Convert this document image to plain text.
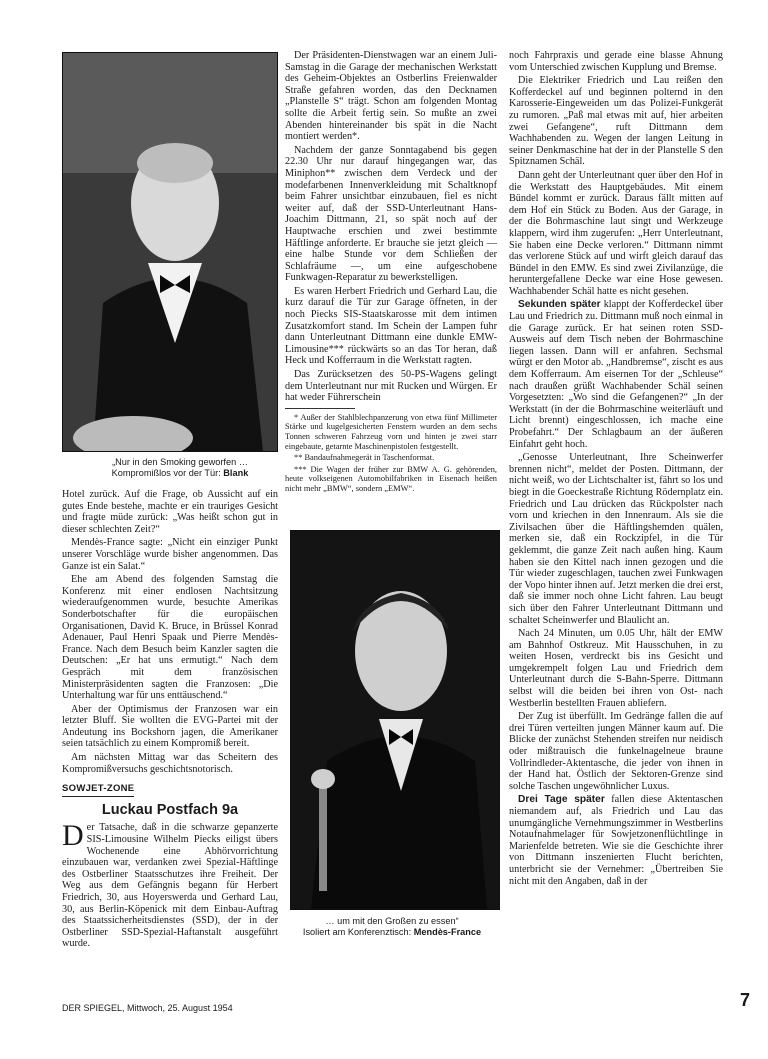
„Nur in den Smoking geworfen …
Kompromißlos vor der Tür: Blank

Hotel zurück. Auf die Frage, ob Aussicht auf ein gutes Ende bestehe, machte er ein trauriges Gesicht und fragte müde zurück: „Was heißt schon gut in dieser schlechten Zeit?“

Mendès-France sagte: „Nicht ein einziger Punkt unserer Vorschläge wurde bisher angenommen. Das Ganze ist ein Salat.“

Ehe am Abend des folgenden Samstag die Konferenz mit einer endlosen Nachtsitzung wiederaufgenommen wurde, besuchte Amerikas Sonderbotschafter für die europäischen Organisationen, David K. Bruce, in Brüssel Konrad Adenauer, Paul Henri Spaak und Pierre Mendès-France. Nach dem Besuch beim Kanzler sagten die Deutschen: „Er hat uns ermutigt.“ Nach dem Gespräch mit dem französischen Ministerpräsidenten sagten die Franzosen: „Die Unterhaltung war für uns enttäuschend.“

Aber der Optimismus der Franzosen war ein letzter Bluff. Sie wollten die EVG-Partei mit der Andeutung ins Bockshorn jagen, die Amerikaner seien tatsächlich zu einem Kompromiß bereit.

Am nächsten Mittag war das Scheitern des Kompromißversuchs geschichtsnotorisch.

SOWJET-ZONE
Luckau Postfach 9a

Der Tatsache, daß in die schwarze gepanzerte SIS-Limousine Wilhelm Piecks eiligst übers Wochenende eine Abhörvorrichtung einzubauen war, verdanken zwei Spezial-Häftlinge des Ostberliner Staatsschutzes ihre Freiheit. Der Weg aus dem Gefängnis begann für Herbert Friedrich, 30, aus Hoyerswerda und Gerhard Lau, 30, aus Berlin-Köpenick mit dem Einbau-Auftrag des Staatssicherheitsdienstes (SSD), der in der Ostberliner SSD-Spezial-Haftanstalt ausgeführt wurde.

Der Präsidenten-Dienstwagen war an einem Juli-Samstag in die Garage der mechanischen Werkstatt des Geheim-Objektes an Ostberlins Freienwalder Straße gefahren worden, das den Decknamen „Planstelle S“ trägt. Schon am folgenden Montag sollte die Arbeit fertig sein. So mußte an zwei Abenden hintereinander bis spät in die Nacht montiert werden*.

Nachdem der ganze Sonntagabend bis gegen 22.30 Uhr nur darauf hingegangen war, das Miniphon** zwischen dem Verdeck und der modefarbenen Innenverkleidung mit Schaltknopf beim Fahrer unsichtbar einzubauen, fiel es nicht weiter auf, daß der SSD-Unterleutnant Hans-Joachim Dittmann, 21, so spät noch auf der Hauptwache erschien und zwei bestimmte Häftlinge anforderte. Er brauche sie jetzt gleich — eine halbe Stunde vor dem Schließen der Schlafräume —, um eine aufgeschobene Funkwagen-Reparatur zu bewerkstelligen.

Es waren Herbert Friedrich und Gerhard Lau, die kurz darauf die Tür zur Garage öffneten, in der noch Piecks SIS-Staatskarosse mit dem intimen Zusatzkomfort stand. Im Schein der Lampen fuhr dann Unterleutnant Dittmann eine dunkle EMW-Limousine*** rückwärts so an das Tor heran, daß Heck und Kofferraum in die Werkstatt ragten.

Das Zurücksetzen des 50-PS-Wagens gelingt dem Unterleutnant nur mit Rucken und Würgen. Er hat weder Führerschein

* Außer der Stahlblechpanzerung von etwa fünf Millimeter Stärke und kugelgesicherten Fenstern wurden an dem sechs Tonnen schweren Fahrzeug vorn und hinten je zwei starr eingebaute, getarnte Maschinenpistolen festgestellt.

** Bandaufnahmegerät in Taschenformat.

*** Die Wagen der früher zur BMW A. G. gehörenden, heute volkseigenen Automobilfabriken in Eisenach heißen nicht mehr „BMW“, sondern „EMW“.

… um mit den Großen zu essen“
Isoliert am Konferenztisch: Mendès-France

noch Fahrpraxis und gerade eine blasse Ahnung vom Unterschied zwischen Kupplung und Bremse.

Die Elektriker Friedrich und Lau reißen den Kofferdeckel auf und beginnen polternd in den Karosserie-Eingeweiden um das Polizei-Funkgerät zu rumoren. „Paß mal etwas mit auf, hier arbeiten zwei Gefangene“, ruft Dittmann dem Wachhabenden zu. Wegen der langen Leitung in seiner Denkmaschine hat der in der Planstelle S den Spitznamen Schäl.

Dann geht der Unterleutnant quer über den Hof in die Werkstatt des Hauptgebäudes. Mit einem Bündel kommt er zurück. Daraus fällt mitten auf dem Hof ein Stück zu Boden. Aus der Garage, in der die Bohrmaschine laut singt und Werkzeuge klappern, wird ihm zugerufen: „Herr Unterleutnant, Sie haben eine Decke verloren.“ Dittmann nimmt das verlorene Stück auf und wirft gleich darauf das Bündel in den EMW. Es sind zwei Zivilanzüge, die heruntergefallene Decke war eine Hose gewesen. Wachhabender Schäl hatte es nicht gesehen.

Sekunden später klappt der Kofferdeckel über Lau und Friedrich zu. Dittmann muß noch einmal in die Garage zurück. Er hat seinen roten SSD-Ausweis auf dem Tisch neben der Bohrmaschine liegen lassen. Dann will er anfahren. Sechsmal würgt er den Motor ab. „Handbremse“, zischt es aus dem Kofferraum. Am eisernen Tor der „Schleuse“ nach draußen grüßt Wachhabender Schäl seinen Vorgesetzten: „Wo sind die Gefangenen?“ „In der Werkstatt (in der die Bohrmaschine weiterläuft und Licht brennt) eingeschlossen, ich mache eine Probefahrt.“ Der Schlagbaum an der äußeren Einfahrt geht hoch.

„Genosse Unterleutnant, Ihre Scheinwerfer brennen nicht“, meldet der Posten. Dittmann, der nicht weiß, wo der Lichtschalter ist, fährt so los und biegt in die Goeckestraße Richtung Rödernplatz ein. Friedrich und Lau drücken das Rückpolster nach vorn und kriechen in den Innenraum. Als sie die Zivilsachen über die Häftlingshemden quälen, merken sie, daß ein Rockzipfel, in die Tür geklemmt, die ganze Zeit nach außen hing. Kaum haben sie den Kittel nach innen gezogen und die Tür wieder zugeschlagen, tauchen zwei Funkwagen der Vopo hinter ihnen auf. Jetzt merken die drei erst, daß sie immer noch ohne Licht fahren. Lau beugt sich über den Fahrer Unterleutnant Dittmann und schaltet Scheinwerfer und Blaulicht an.

Nach 24 Minuten, um 0.05 Uhr, hält der EMW am Bahnhof Ostkreuz. Mit Hausschuhen, in zu weiten Hosen, verdreckt bis ins Gesicht und umgekrempelt folgen Lau und Friedrich dem Unterleutnant durch die S-Bahn-Sperre. Dittmann selbst will die beiden bei ihren von Ost- nach Westberlin bestellten Frauen abliefern.

Der Zug ist überfüllt. Im Gedränge fallen die auf drei Türen verteilten jungen Männer kaum auf. Die Blicke der zunächst Stehenden streifen nur neidisch oder mißtrauisch die funkelnagelneue braune Vollrindleder-Aktentasche, die jeder von ihnen in der Hand hat. Östlich der Sektoren-Grenze sind solche Taschen ungewöhnlicher Luxus.

Drei Tage später fallen diese Aktentaschen niemandem auf, als Friedrich und Lau das unumgängliche Vernehmungszimmer in Westberlins Notaufnahmelager für Sowjetzonenflüchtlinge in Marienfelde betreten. Wie sie die Geschichte ihrer von Dittmann inszenierten Flucht berichten, unterbricht sie der Vernehmer: „Übertreiben Sie nicht mit den Angaben, daß in der

DER SPIEGEL, Mittwoch, 25. August 1954	7
